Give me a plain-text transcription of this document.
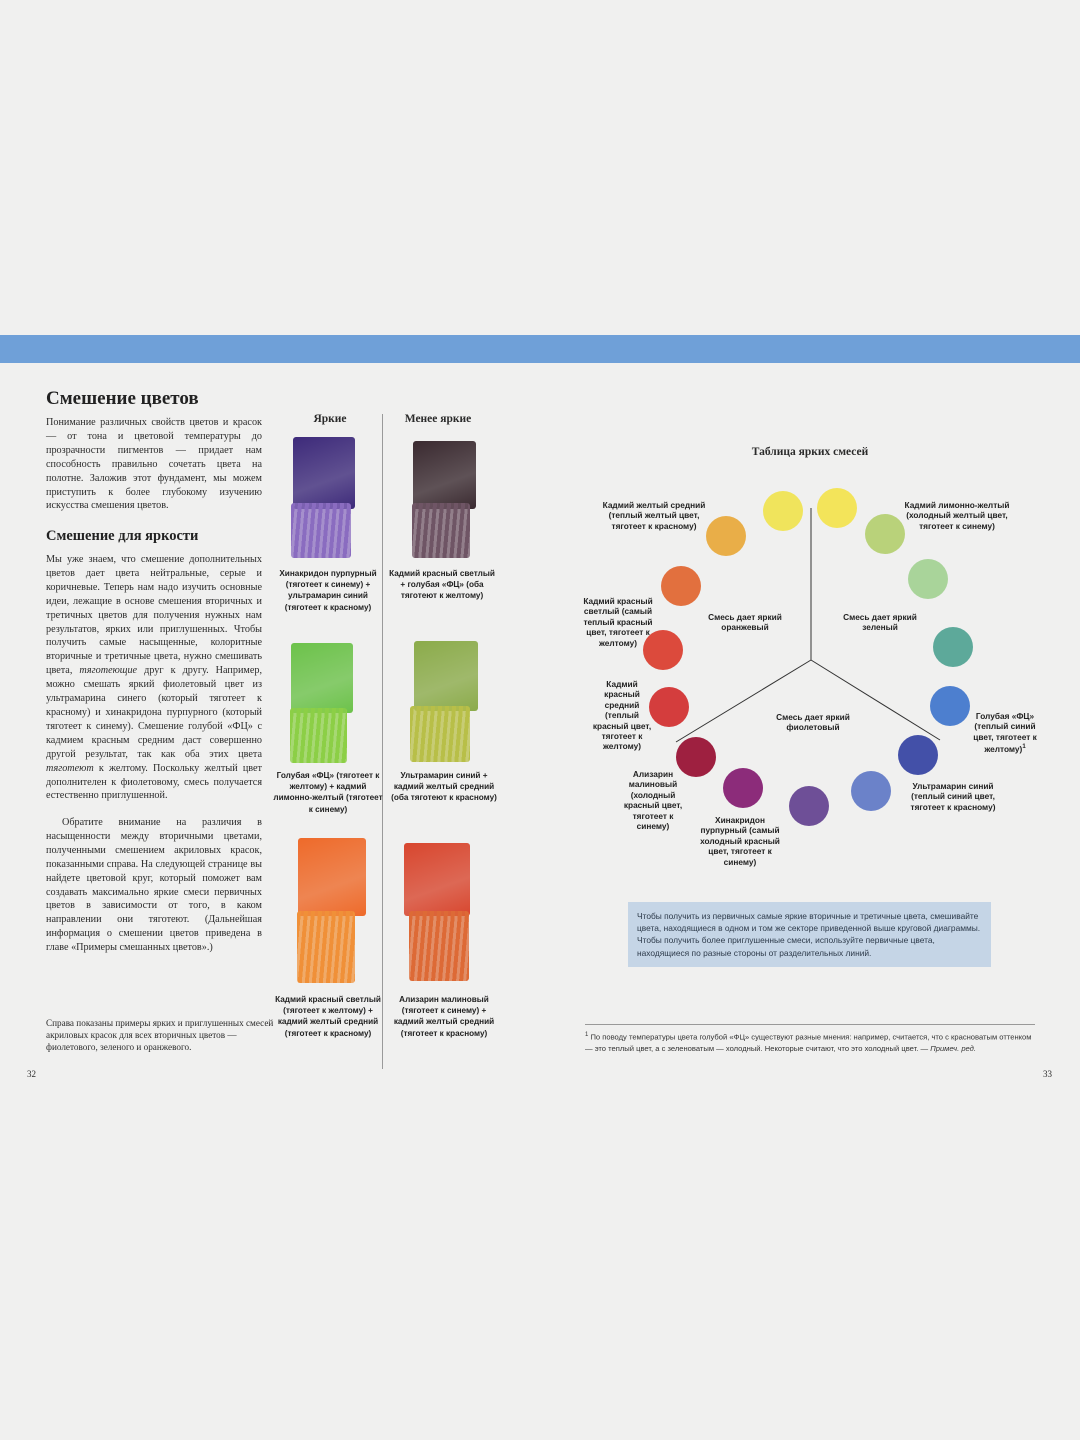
Смешение цветов

Понимание различных свойств цветов и красок — от тона и цветовой температуры до прозрачности пигментов — придает нам способность правильно сочетать цвета на полотне. Заложив этот фундамент, мы можем приступить к более глубокому изучению искусства смешения цветов.

Смешение для яркости

Мы уже знаем, что смешение дополнительных цветов дает цвета нейтральные, серые и коричневые. Теперь нам надо изучить основные идеи, лежащие в основе смешения вторичных и третичных цветов для получения нужных нам результатов, ярких или приглушенных. Чтобы получить самые насыщенные, колоритные вторичные и третичные цвета, нужно смешивать цвета, тяготеющие друг к другу. Например, можно смешать яркий фиолетовый цвет из ультрамарина синего (который тяготеет к красному) и хинакридона пурпурного (который тяготеет к синему). Смешение голубой «ФЦ» с кадмием красным средним даст совершенно другой результат, так как оба этих цвета тяготеют к желтому. Поскольку желтый цвет дополнителен к фиолетовому, смесь получается естественно приглушенной.

Обратите внимание на различия в насыщенности между вторичными цветами, полученными смешением акриловых красок, показанными справа. На следующей странице вы найдете цветовой круг, который поможет вам создавать максимально яркие смеси первичных цветов в зависимости от того, в каком направлении они тяготеют. (Дальнейшая информация о смешении цветов приведена в главе «Примеры смешанных цветов».)

Справа показаны примеры ярких и приглушенных смесей акриловых красок для всех вторичных цветов — фиолетового, зеленого и оранжевого.
32
Яркие	Менее яркие
Хинакридон пурпурный (тяготеет к синему) + ультрамарин синий (тяготеет к красному)
Кадмий красный светлый + голубая «ФЦ» (оба тяготеют к желтому)
Голубая «ФЦ» (тяготеет к желтому) + кадмий лимонно-желтый (тяготеет к синему)
Ультрамарин синий + кадмий желтый средний (оба тяготеют к красному)
Кадмий красный светлый (тяготеет к желтому) + кадмий желтый средний (тяготеет к красному)
Ализарин малиновый (тяготеет к синему) + кадмий желтый средний (тяготеет к красному)
Таблица ярких смесей
Смесь дает яркий оранжевый
Смесь дает яркий зеленый
Смесь дает яркий фиолетовый
Кадмий желтый средний (теплый желтый цвет, тяготеет к красному)
Кадмий лимонно-желтый (холодный желтый цвет, тяготеет к синему)
Кадмий красный светлый (самый теплый красный цвет, тяготеет к желтому)
Кадмий красный средний (теплый красный цвет, тяготеет к желтому)
Голубая «ФЦ» (теплый синий цвет, тяготеет к желтому)$^1$
Ализарин малиновый (холодный красный цвет, тяготеет к синему)
Хинакридон пурпурный (самый холодный красный цвет, тяготеет к синему)
Ультрамарин синий (теплый синий цвет, тяготеет к красному)
Чтобы получить из первичных самые яркие вторичные и третичные цвета, смешивайте цвета, находящиеся в одном и том же секторе приведенной выше круговой диаграммы. Чтобы получить более приглушенные смеси, используйте первичные цвета, находящиеся по разные стороны от разделительных линий.
$^1$ По поводу температуры цвета голубой «ФЦ» существуют разные мнения: например, считается, что с красноватым оттенком — это теплый цвет, а с зеленоватым — холодный. Некоторые считают, что это холодный цвет. — Примеч. ред.
33
